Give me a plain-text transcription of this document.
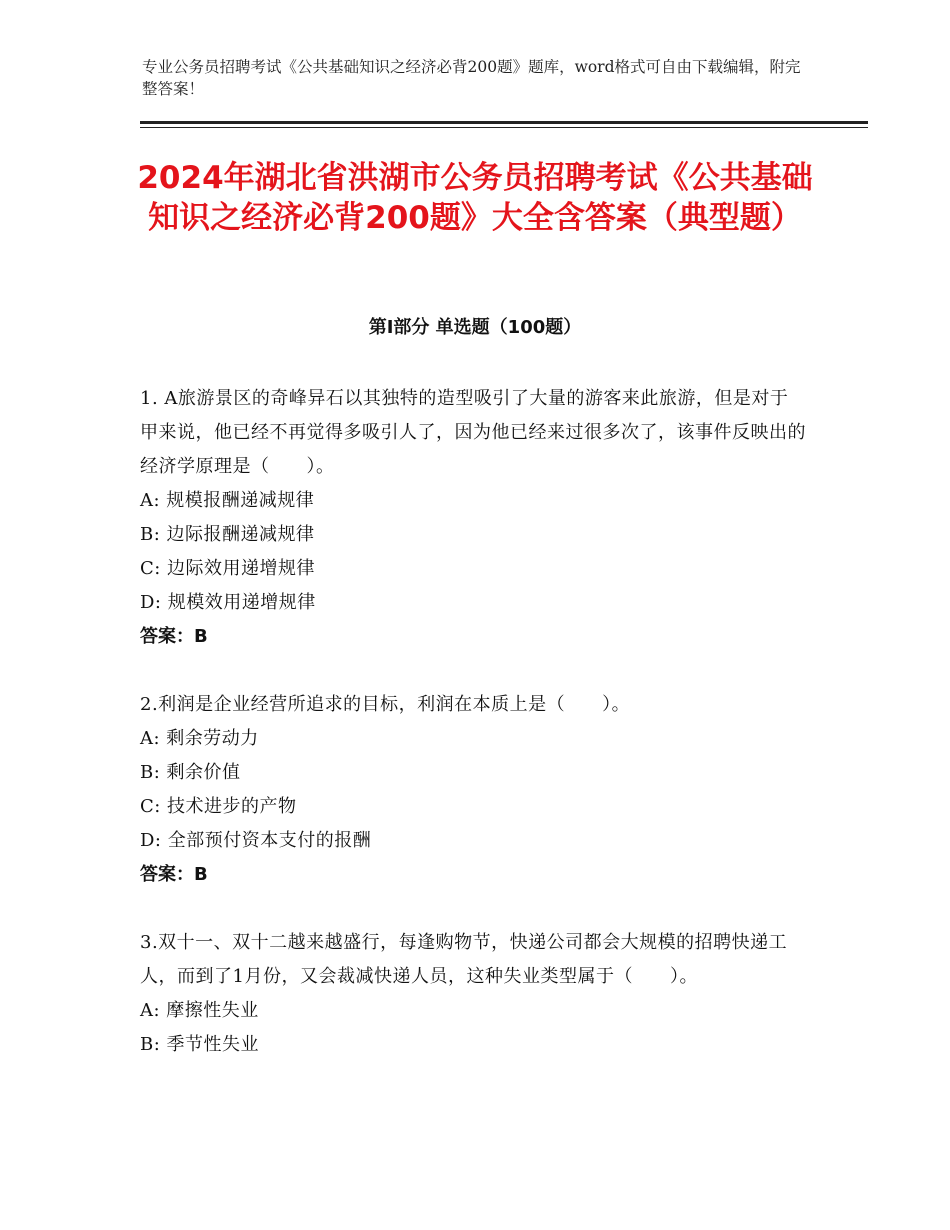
专业公务员招聘考试《公共基础知识之经济必背200题》题库，word格式可自由下载编辑，附完整答案！
2024年湖北省洪湖市公务员招聘考试《公共基础知识之经济必背200题》大全含答案（典型题）
第Ⅰ部分 单选题（100题）
1. A旅游景区的奇峰异石以其独特的造型吸引了大量的游客来此旅游，但是对于甲来说，他已经不再觉得多吸引人了，因为他已经来过很多次了，该事件反映出的经济学原理是（　　）。
A: 规模报酬递减规律
B: 边际报酬递减规律
C: 边际效用递增规律
D: 规模效用递增规律
答案：B
2.利润是企业经营所追求的目标，利润在本质上是（　　）。
A: 剩余劳动力
B: 剩余价值
C: 技术进步的产物
D: 全部预付资本支付的报酬
答案：B
3.双十一、双十二越来越盛行，每逢购物节，快递公司都会大规模的招聘快递工人，而到了1月份，又会裁减快递人员，这种失业类型属于（　　）。
A: 摩擦性失业
B: 季节性失业
